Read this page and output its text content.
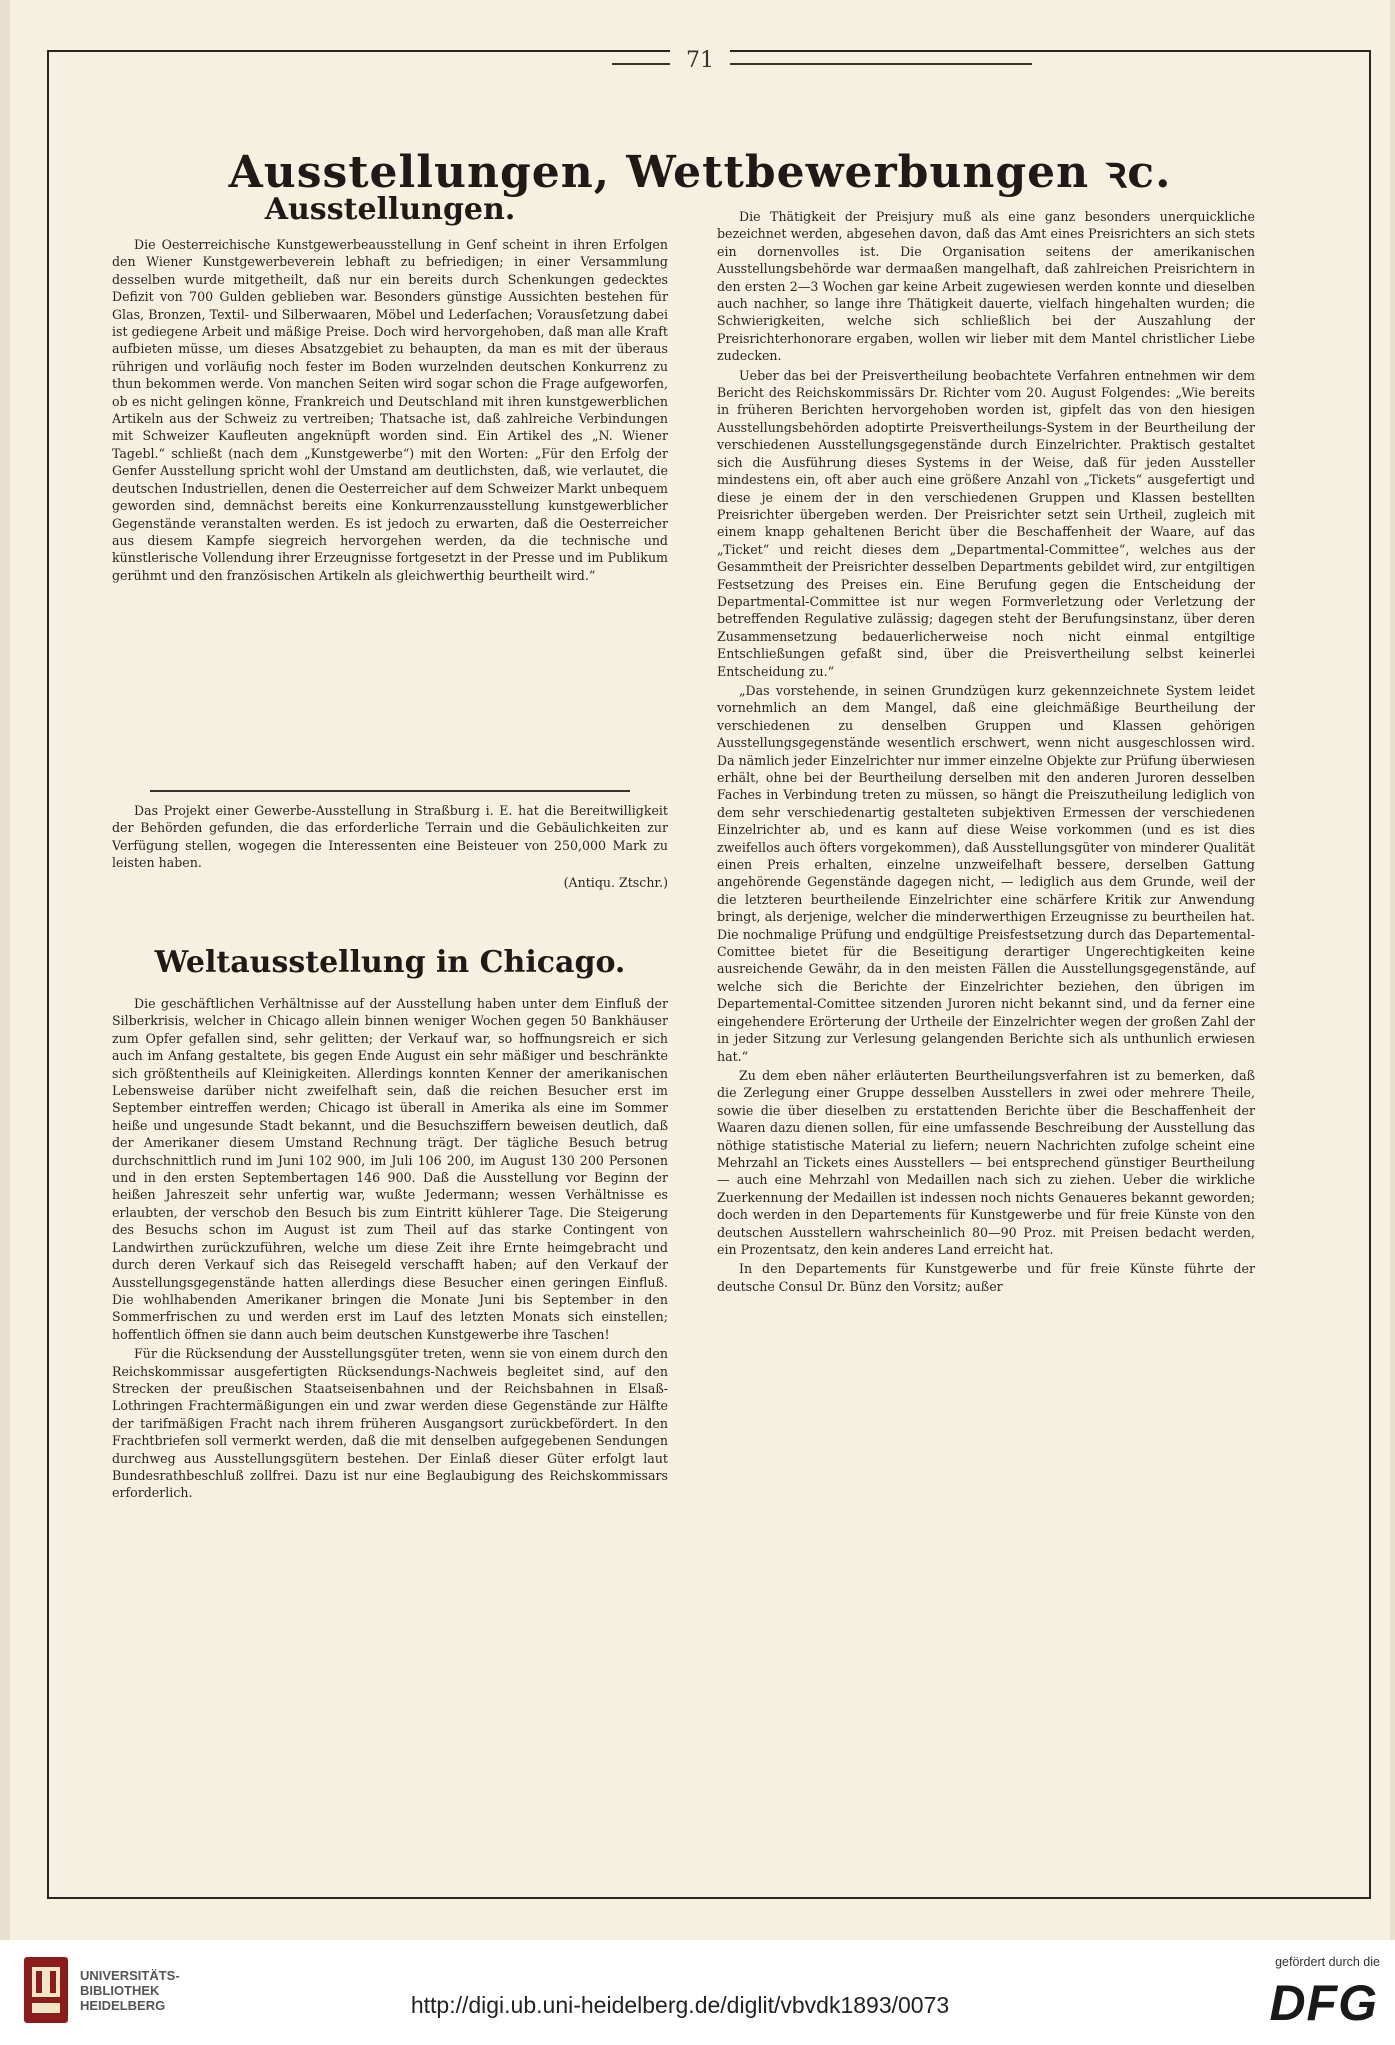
71
Ausstellungen, Wettbewerbungen ꝛc.
Ausstellungen.

Die Oesterreichische Kunstgewerbeausstellung in Genf scheint in ihren Erfolgen den Wiener Kunstgewerbeverein lebhaft zu befriedigen; in einer Versammlung desselben wurde mitgetheilt, daß nur ein bereits durch Schenkungen gedecktes Defizit von 700 Gulden geblieben war. Besonders günstige Aussichten bestehen für Glas, Bronzen, Textil- und Silberwaaren, Möbel und Lederſachen; Vorausſetzung dabei ist gediegene Arbeit und mäßige Preise. Doch wird hervorgehoben, daß man alle Kraft aufbieten müsse, um dieses Absatzgebiet zu behaupten, da man es mit der überaus rührigen und vorläufig noch fester im Boden wurzelnden deutschen Konkurrenz zu thun bekommen werde. Von manchen Seiten wird sogar schon die Frage aufgeworfen, ob es nicht gelingen könne, Frankreich und Deutschland mit ihren kunstgewerblichen Artikeln aus der Schweiz zu vertreiben; Thatsache ist, daß zahlreiche Verbindungen mit Schweizer Kaufleuten angeknüpft worden sind. Ein Artikel des „N. Wiener Tagebl.“ schließt (nach dem „Kunstgewerbe“) mit den Worten: „Für den Erfolg der Genfer Ausstellung spricht wohl der Umstand am deutlichsten, daß, wie verlautet, die deutschen Industriellen, denen die Oesterreicher auf dem Schweizer Markt unbequem geworden sind, demnächst bereits eine Konkurrenzausstellung kunstgewerblicher Gegenstände veranstalten werden. Es ist jedoch zu erwarten, daß die Oesterreicher aus diesem Kampfe siegreich hervorgehen werden, da die technische und künstlerische Vollendung ihrer Erzeugnisse fortgesetzt in der Presse und im Publikum gerühmt und den französischen Artikeln als gleichwerthig beurtheilt wird.“

Das Projekt einer Gewerbe-Ausstellung in Straßburg i. E. hat die Bereitwilligkeit der Behörden gefunden, die das erforderliche Terrain und die Gebäulichkeiten zur Verfügung stellen, wogegen die Interessenten eine Beisteuer von 250,000 Mark zu leisten haben.

(Antiqu. Ztschr.)

Weltausstellung in Chicago.

Die geschäftlichen Verhältnisse auf der Ausstellung haben unter dem Einfluß der Silberkrisis, welcher in Chicago allein binnen weniger Wochen gegen 50 Bankhäuser zum Opfer gefallen sind, sehr gelitten; der Verkauf war, so hoffnungsreich er sich auch im Anfang gestaltete, bis gegen Ende August ein sehr mäßiger und beschränkte sich größtentheils auf Kleinigkeiten. Allerdings konnten Kenner der amerikanischen Lebensweise darüber nicht zweifelhaft sein, daß die reichen Besucher erst im September eintreffen werden; Chicago ist überall in Amerika als eine im Sommer heiße und ungesunde Stadt bekannt, und die Besuchsziffern beweisen deutlich, daß der Amerikaner diesem Umstand Rechnung trägt. Der tägliche Besuch betrug durchschnittlich rund im Juni 102 900, im Juli 106 200, im August 130 200 Personen und in den ersten Septembertagen 146 900. Daß die Ausstellung vor Beginn der heißen Jahreszeit sehr unfertig war, wußte Jedermann; wessen Verhältnisse es erlaubten, der verschob den Besuch bis zum Eintritt kühlerer Tage. Die Steigerung des Besuchs schon im August ist zum Theil auf das starke Contingent von Landwirthen zurückzuführen, welche um diese Zeit ihre Ernte heimgebracht und durch deren Verkauf sich das Reisegeld verschafft haben; auf den Verkauf der Ausstellungsgegenstände hatten allerdings diese Besucher einen geringen Einfluß. Die wohlhabenden Amerikaner bringen die Monate Juni bis September in den Sommerfrischen zu und werden erst im Lauf des letzten Monats sich einstellen; hoffentlich öffnen sie dann auch beim deutschen Kunstgewerbe ihre Taschen!

Für die Rücksendung der Ausstellungsgüter treten, wenn sie von einem durch den Reichskommissar ausgefertigten Rücksendungs-Nachweis begleitet sind, auf den Strecken der preußischen Staatseisenbahnen und der Reichsbahnen in Elsaß-Lothringen Frachtermäßigungen ein und zwar werden diese Gegenstände zur Hälfte der tarifmäßigen Fracht nach ihrem früheren Ausgangsort zurückbefördert. In den Frachtbriefen soll vermerkt werden, daß die mit denselben aufgegebenen Sendungen durchweg aus Ausstellungsgütern bestehen. Der Einlaß dieser Güter erfolgt laut Bundesrathbeschluß zollfrei. Dazu ist nur eine Beglaubigung des Reichskommissars erforderlich.

Die Thätigkeit der Preisjury muß als eine ganz besonders unerquickliche bezeichnet werden, abgesehen davon, daß das Amt eines Preisrichters an sich stets ein dornenvolles ist. Die Organisation seitens der amerikanischen Ausstellungsbehörde war dermaaßen mangelhaft, daß zahlreichen Preisrichtern in den ersten 2—3 Wochen gar keine Arbeit zugewiesen werden konnte und dieselben auch nachher, so lange ihre Thätigkeit dauerte, vielfach hingehalten wurden; die Schwierigkeiten, welche sich schließlich bei der Auszahlung der Preisrichterhonorare ergaben, wollen wir lieber mit dem Mantel christlicher Liebe zudecken.

Ueber das bei der Preisvertheilung beobachtete Verfahren entnehmen wir dem Bericht des Reichskommissärs Dr. Richter vom 20. August Folgendes: „Wie bereits in früheren Berichten hervorgehoben worden ist, gipfelt das von den hiesigen Ausstellungsbehörden adoptirte Preisvertheilungs-System in der Beurtheilung der verschiedenen Ausstellungsgegenstände durch Einzelrichter. Praktisch gestaltet sich die Ausführung dieses Systems in der Weise, daß für jeden Aussteller mindestens ein, oft aber auch eine größere Anzahl von „Tickets“ ausgefertigt und diese je einem der in den verschiedenen Gruppen und Klassen bestellten Preisrichter übergeben werden. Der Preisrichter setzt sein Urtheil, zugleich mit einem knapp gehaltenen Bericht über die Beschaffenheit der Waare, auf das „Ticket“ und reicht dieses dem „Departmental-Committee“, welches aus der Gesammtheit der Preisrichter desselben Departments gebildet wird, zur entgiltigen Festsetzung des Preises ein. Eine Berufung gegen die Entscheidung der Departmental-Committee ist nur wegen Formverletzung oder Verletzung der betreffenden Regulative zulässig; dagegen steht der Berufungsinstanz, über deren Zusammensetzung bedauerlicherweise noch nicht einmal entgiltige Entschließungen gefaßt sind, über die Preisvertheilung selbst keinerlei Entscheidung zu.“

„Das vorstehende, in seinen Grundzügen kurz gekennzeichnete System leidet vornehmlich an dem Mangel, daß eine gleichmäßige Beurtheilung der verschiedenen zu denselben Gruppen und Klassen gehörigen Ausstellungsgegenstände wesentlich erschwert, wenn nicht ausgeschlossen wird. Da nämlich jeder Einzelrichter nur immer einzelne Objekte zur Prüfung überwiesen erhält, ohne bei der Beurtheilung derselben mit den anderen Juroren desselben Faches in Verbindung treten zu müssen, so hängt die Preiszutheilung lediglich von dem sehr verschiedenartig gestalteten subjektiven Ermessen der verschiedenen Einzelrichter ab, und es kann auf diese Weise vorkommen (und es ist dies zweifellos auch öfters vorgekommen), daß Ausstellungsgüter von minderer Qualität einen Preis erhalten, einzelne unzweifelhaft bessere, derselben Gattung angehörende Gegenstände dagegen nicht, — lediglich aus dem Grunde, weil der die letzteren beurtheilende Einzelrichter eine schärfere Kritik zur Anwendung bringt, als derjenige, welcher die minderwerthigen Erzeugnisse zu beurtheilen hat. Die nochmalige Prüfung und endgültige Preisfestsetzung durch das Departemental-Comittee bietet für die Beseitigung derartiger Ungerechtigkeiten keine ausreichende Gewähr, da in den meisten Fällen die Ausstellungsgegenstände, auf welche sich die Berichte der Einzelrichter beziehen, den übrigen im Departemental-Comittee sitzenden Juroren nicht bekannt sind, und da ferner eine eingehendere Erörterung der Urtheile der Einzelrichter wegen der großen Zahl der in jeder Sitzung zur Verlesung gelangenden Berichte sich als unthunlich erwiesen hat.“

Zu dem eben näher erläuterten Beurtheilungsverfahren ist zu bemerken, daß die Zerlegung einer Gruppe desselben Ausstellers in zwei oder mehrere Theile, sowie die über dieselben zu erstattenden Berichte über die Beschaffenheit der Waaren dazu dienen sollen, für eine umfassende Beschreibung der Ausstellung das nöthige statistische Material zu liefern; neuern Nachrichten zufolge scheint eine Mehrzahl an Tickets eines Ausstellers — bei entsprechend günstiger Beurtheilung — auch eine Mehrzahl von Medaillen nach sich zu ziehen. Ueber die wirkliche Zuerkennung der Medaillen ist indessen noch nichts Genaueres bekannt geworden; doch werden in den Departements für Kunstgewerbe und für freie Künste von den deutschen Ausstellern wahrscheinlich 80—90 Proz. mit Preisen bedacht werden, ein Prozentsatz, den kein anderes Land erreicht hat.

In den Departements für Kunstgewerbe und für freie Künste führte der deutsche Consul Dr. Bünz den Vorsitz; außer

UNIVERSITÄTS-
BIBLIOTHEK
HEIDELBERG	http://digi.ub.uni-heidelberg.de/diglit/vbvdk1893/0073
gefördert durch die
DFG
